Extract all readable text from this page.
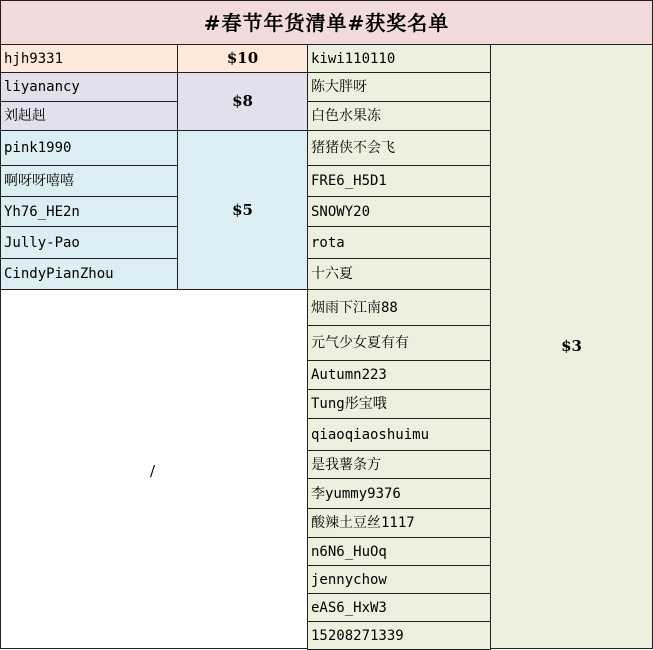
#春节年货清单#获奖名单
hjh9331	$10
liyanancy
刘赳赳
$8
pink1990
啊呀呀嘻嘻
Yh76_HE2n
Jully-Pao
CindyPianZhou
$5
/
kiwi110110
陈大胖呀
白色水果冻
猪猪侠不会飞
FRE6_H5D1
SNOWY20
rota
十六夏
烟雨下江南88
元气少女夏有有
Autumn223
Tung彤宝哦
qiaoqiaoshuimu
是我薯条方
李yummy9376
酸辣土豆丝1117
n6N6_HuOq
jennychow
eAS6_HxW3
15208271339
$3
